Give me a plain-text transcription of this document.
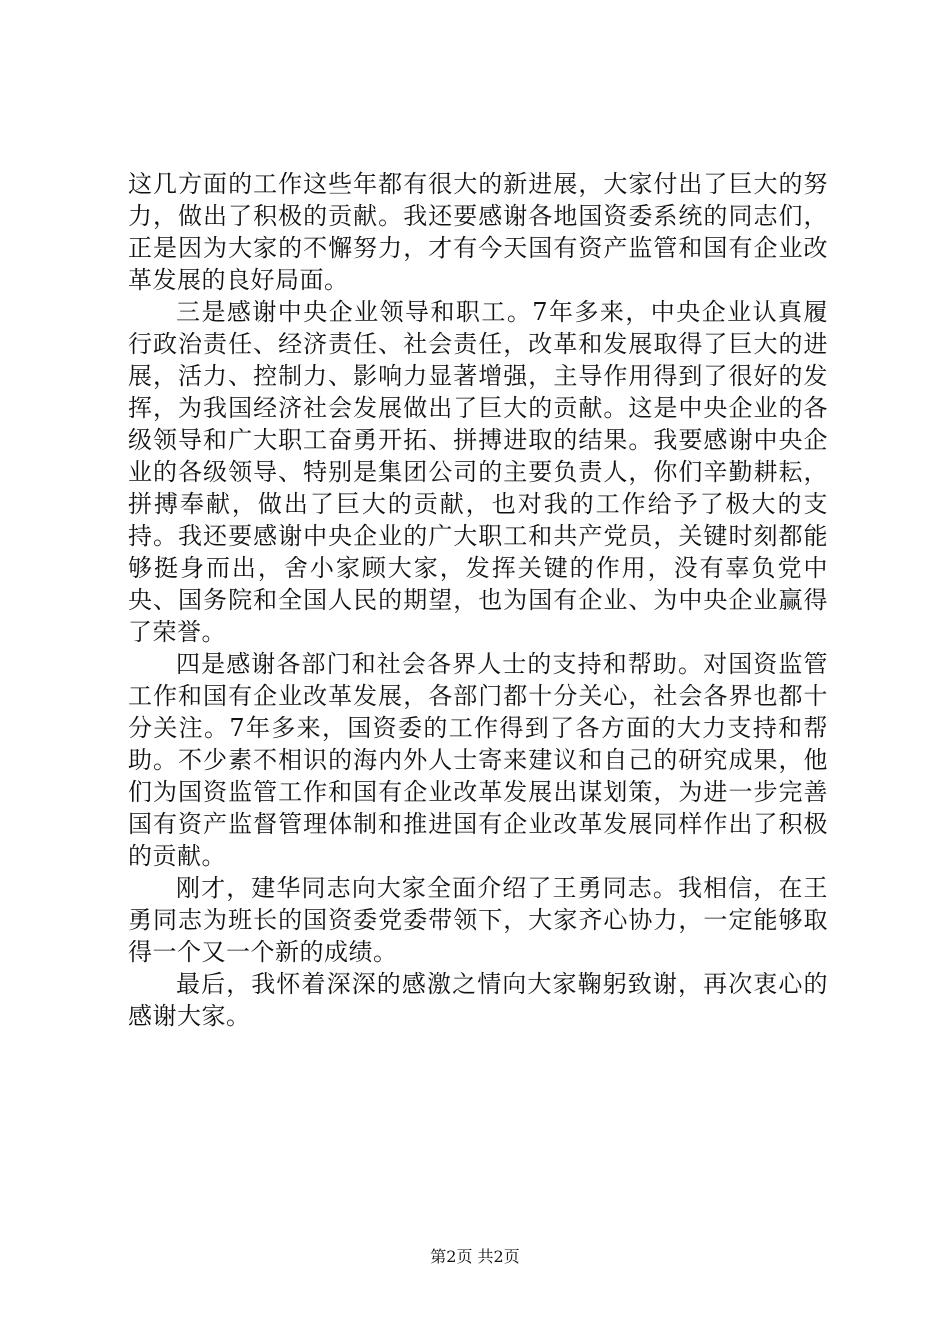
这几方面的工作这些年都有很大的新进展，大家付出了巨大的努力，做出了积极的贡献。我还要感谢各地国资委系统的同志们，正是因为大家的不懈努力，才有今天国有资产监管和国有企业改革发展的良好局面。

三是感谢中央企业领导和职工。7年多来，中央企业认真履行政治责任、经济责任、社会责任，改革和发展取得了巨大的进展，活力、控制力、影响力显著增强，主导作用得到了很好的发挥，为我国经济社会发展做出了巨大的贡献。这是中央企业的各级领导和广大职工奋勇开拓、拼搏进取的结果。我要感谢中央企业的各级领导、特别是集团公司的主要负责人，你们辛勤耕耘，拼搏奉献，做出了巨大的贡献，也对我的工作给予了极大的支持。我还要感谢中央企业的广大职工和共产党员，关键时刻都能够挺身而出，舍小家顾大家，发挥关键的作用，没有辜负党中央、国务院和全国人民的期望，也为国有企业、为中央企业赢得了荣誉。

四是感谢各部门和社会各界人士的支持和帮助。对国资监管工作和国有企业改革发展，各部门都十分关心，社会各界也都十分关注。7年多来，国资委的工作得到了各方面的大力支持和帮助。不少素不相识的海内外人士寄来建议和自己的研究成果，他们为国资监管工作和国有企业改革发展出谋划策，为进一步完善国有资产监督管理体制和推进国有企业改革发展同样作出了积极的贡献。

刚才，建华同志向大家全面介绍了王勇同志。我相信，在王勇同志为班长的国资委党委带领下，大家齐心协力，一定能够取得一个又一个新的成绩。

最后，我怀着深深的感激之情向大家鞠躬致谢，再次衷心的感谢大家。

第2页 共2页
